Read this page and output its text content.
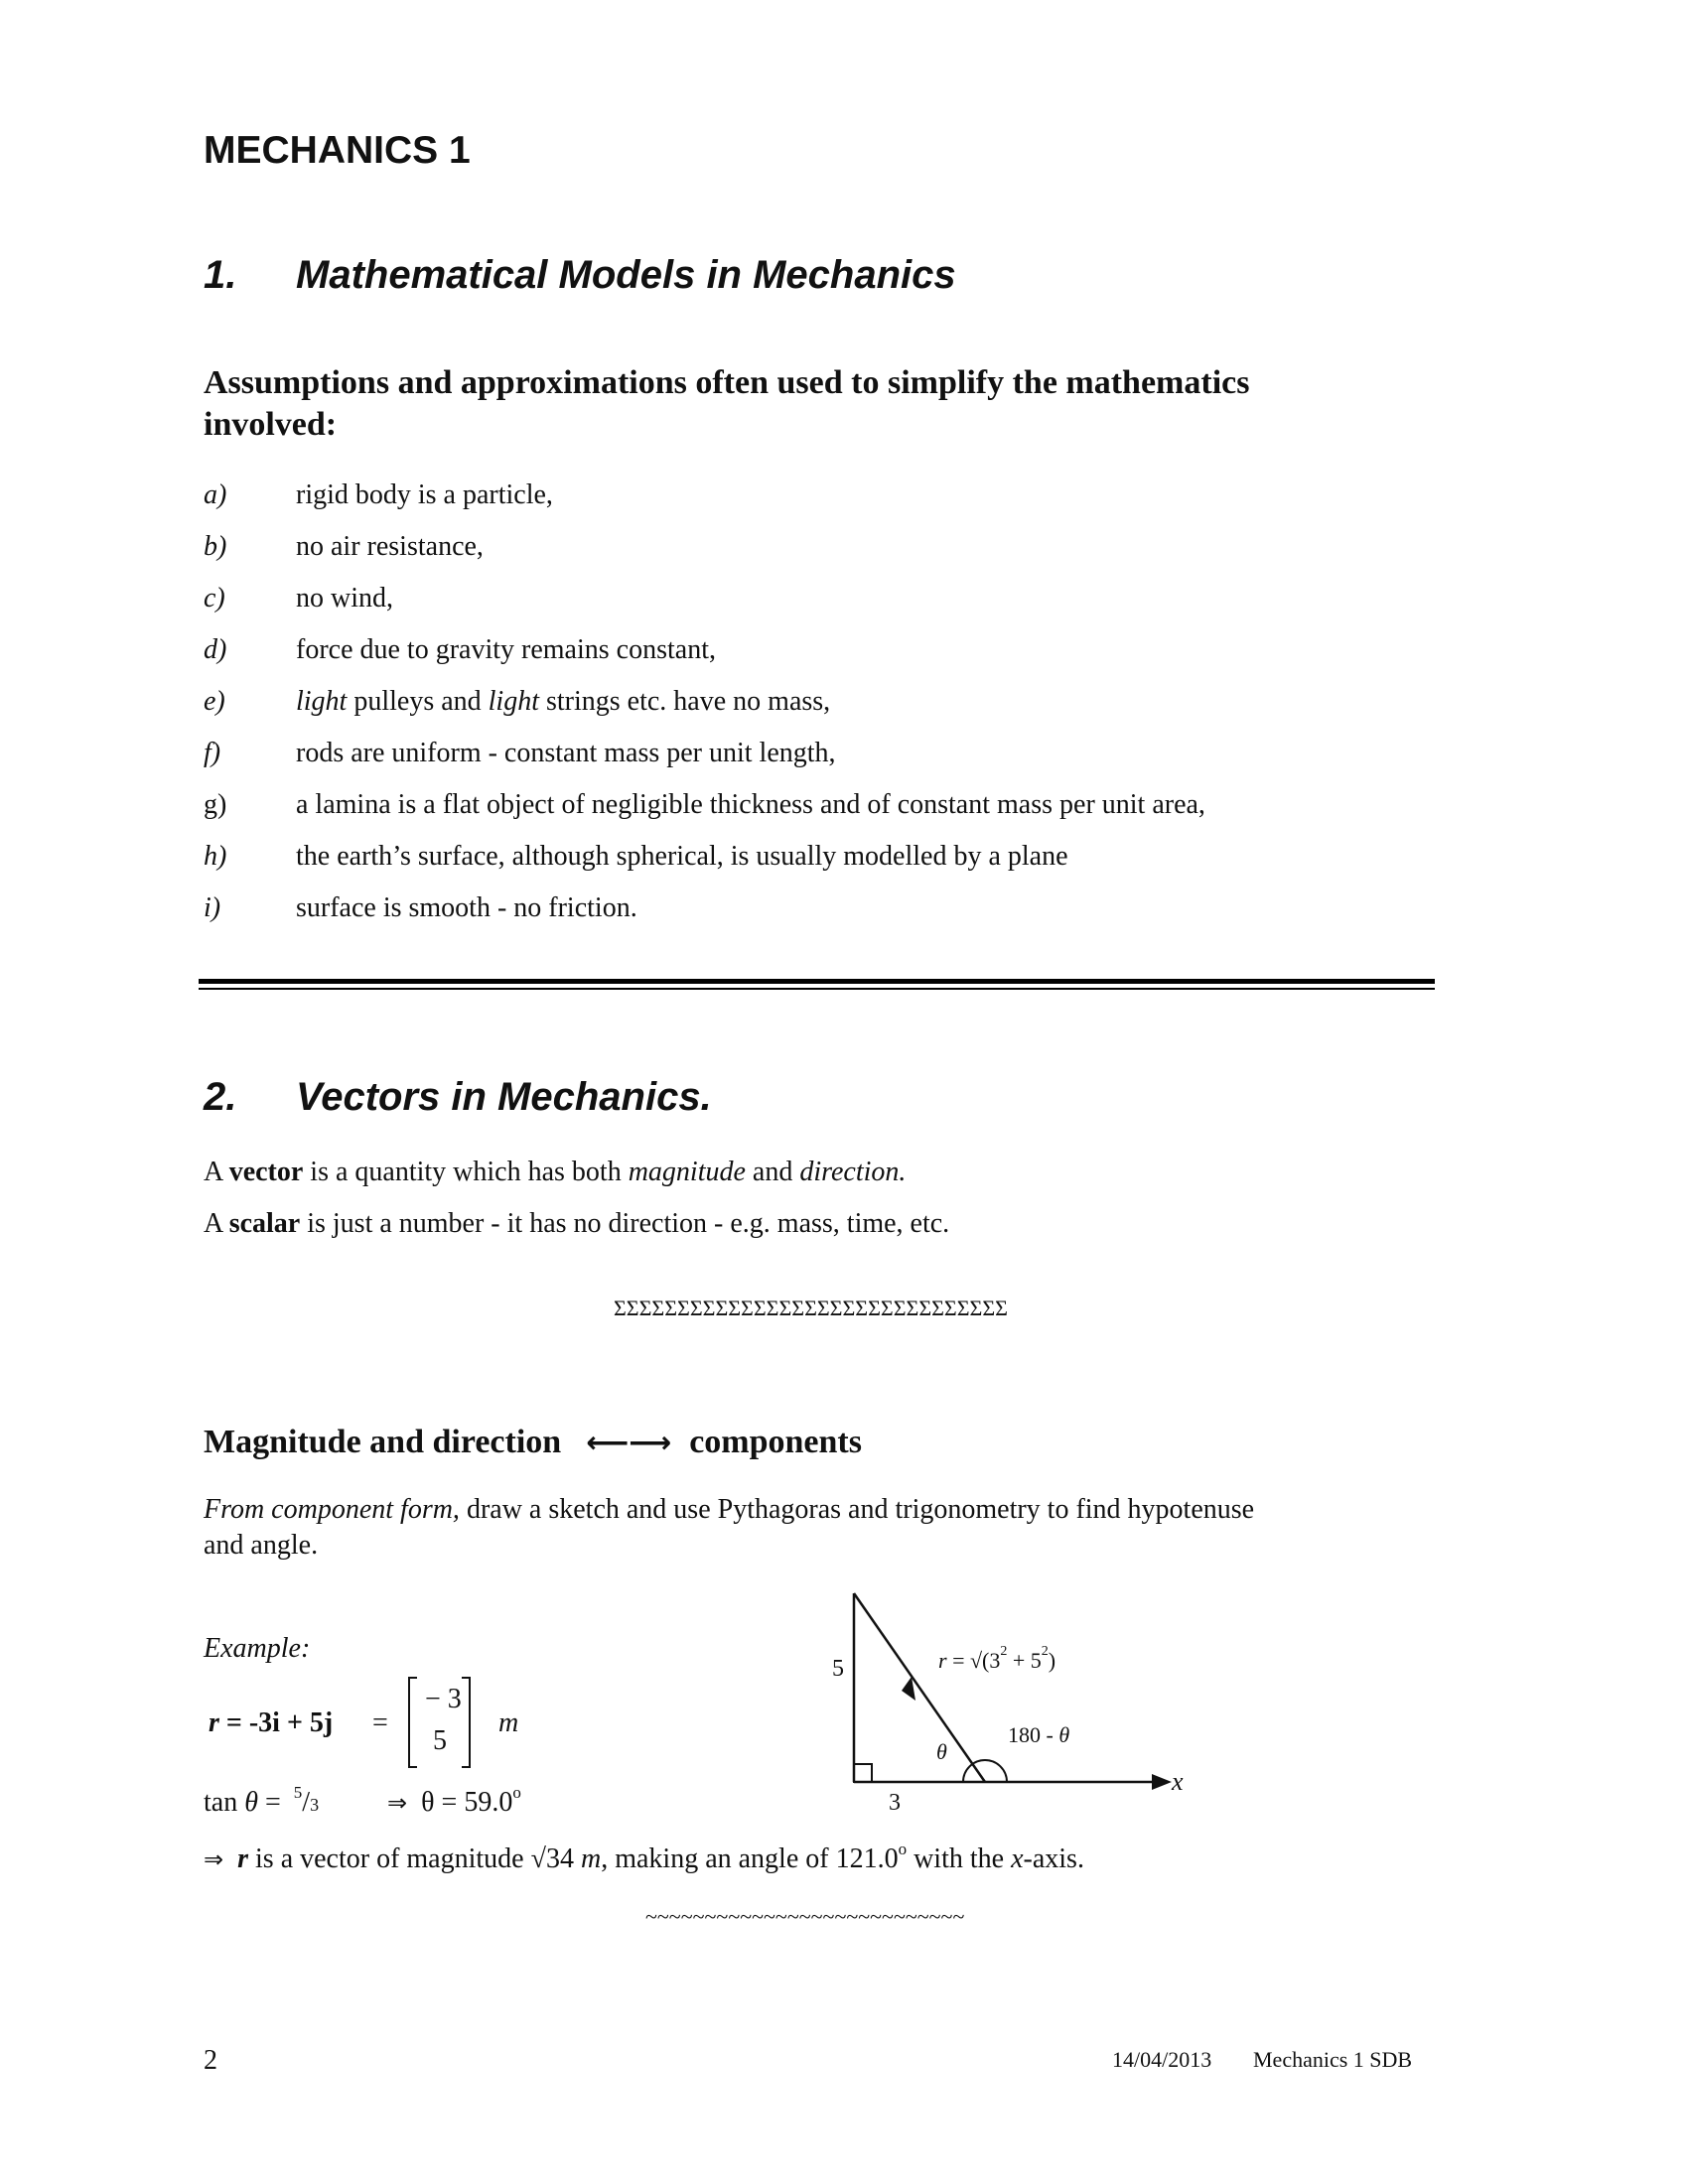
MECHANICS 1
1. Mathematical Models in Mechanics
Assumptions and approximations often used to simplify the mathematics
involved:
a) rigid body is a particle,
b) no air resistance,
c)	no wind,
d) force due to gravity remains constant,
e)	light pulleys and light strings etc. have no mass,
f)	rods are uniform - constant mass per unit length,
g) a lamina is a flat object of negligible thickness and of constant mass per unit area,
h) the earth’s surface, although spherical, is usually modelled by a plane
i)	surface is smooth - no friction.
2. Vectors in Mechanics.
A vector is a quantity which has both magnitude and direction.
A scalar is just a number - it has no direction - e.g. mass, time, etc.
ΣΣΣΣΣΣΣΣΣΣΣΣΣΣΣΣΣΣΣΣΣΣΣΣΣΣΣΣΣΣΣ
Magnitude and direction ⟵⟶ components
From component form, draw a sketch and use Pythagoras and trigonometry to find hypotenuse
and angle.
Example:
r = -3i + 5j =
− 3
5
m
tan θ = $^5$/3	⇒ $\theta = 59.0^o$
⇒ r is a vector of magnitude √34 m, making an angle of 121.0$^o$ with the x-axis.
~~~~~~~~~~~~~~~~~~~~~~~~~~~
5
3
$r = √(3^2 + 5^2)$
θ
180 - θ
x
2	14/04/2013 Mechanics 1 SDB
